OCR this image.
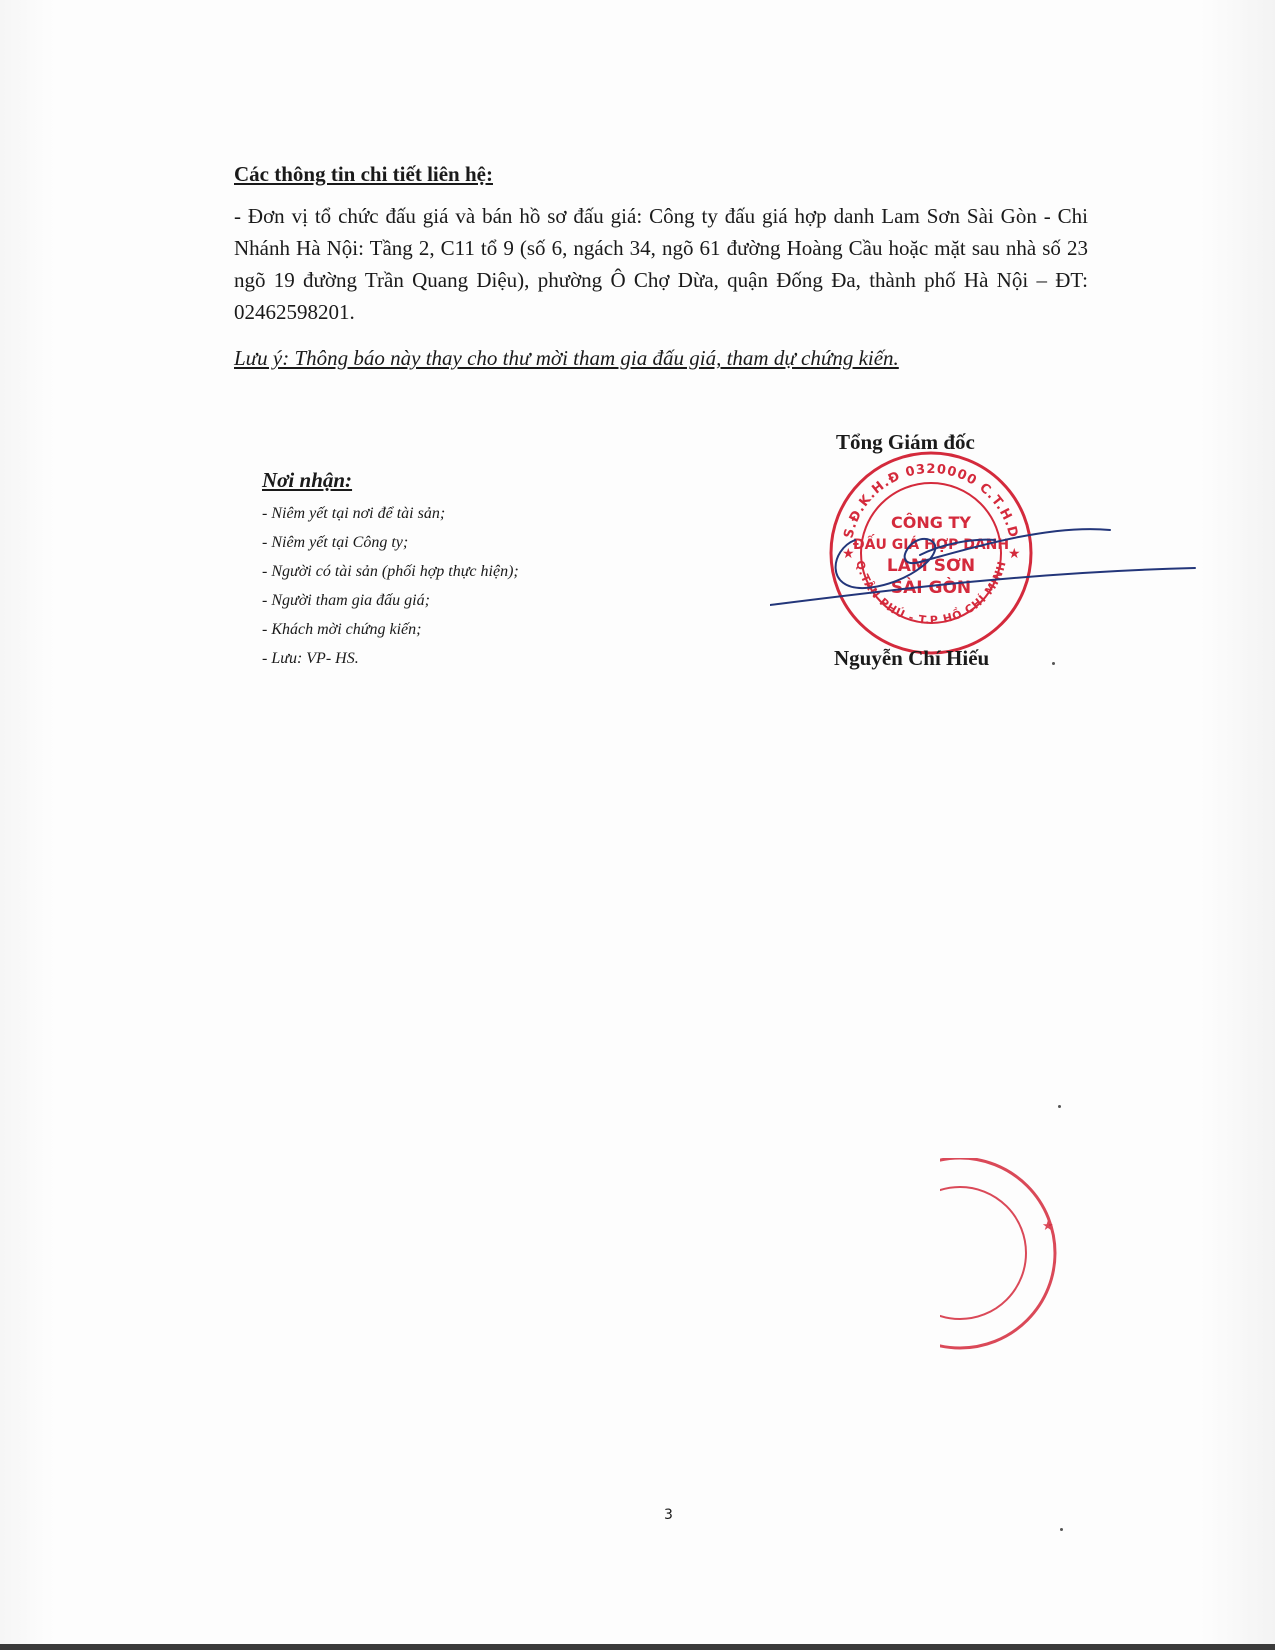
Các thông tin chi tiết liên hệ:

- Đơn vị tổ chức đấu giá và bán hồ sơ đấu giá: Công ty đấu giá hợp danh Lam Sơn Sài Gòn - Chi Nhánh Hà Nội: Tầng 2, C11 tổ 9 (số 6, ngách 34, ngõ 61 đường Hoàng Cầu hoặc mặt sau nhà số 23 ngõ 19 đường Trần Quang Diệu), phường Ô Chợ Dừa, quận Đống Đa, thành phố Hà Nội – ĐT: 02462598201.

Lưu ý: Thông báo này thay cho thư mời tham gia đấu giá, tham dự chứng kiến.
Nơi nhận:
- Niêm yết tại nơi để tài sản;
- Niêm yết tại Công ty;
- Người có tài sản (phối hợp thực hiện);
- Người tham gia đấu giá;
- Khách mời chứng kiến;
- Lưu: VP- HS.
Tổng Giám đốc
S.Đ.K.H.Đ 0320000 C.T.H.D
Q.TÂN PHÚ - T.P HỒ CHÍ MINH
★	★
CÔNG TY
ĐẤU GIÁ HỢP DANH
LAM SƠN
SÀI GÒN
Nguyễn Chí Hiếu
★
3
